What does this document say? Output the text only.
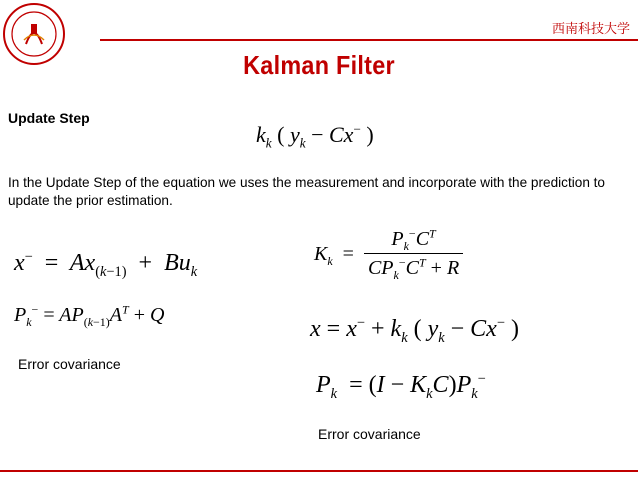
西南科技大学
Kalman Filter
Update Step
$k_k$ ( $y_k - Cx^-$ )
In the Update Step of the equation we uses the measurement and incorporate with the prediction to update the prior estimation.
$x^- = Ax_{(k-1)} + Bu_k$
$P_k^- = AP_{(k-1)}A^T + Q$
Error covariance
$K_k = \frac{P_k^-C^T}{CP_k^-C^T + R}$
$x = x^- + k_k$ ( $y_k - Cx^-$ )
$P_k = (I - K_kC)P_k^-$
Error covariance
